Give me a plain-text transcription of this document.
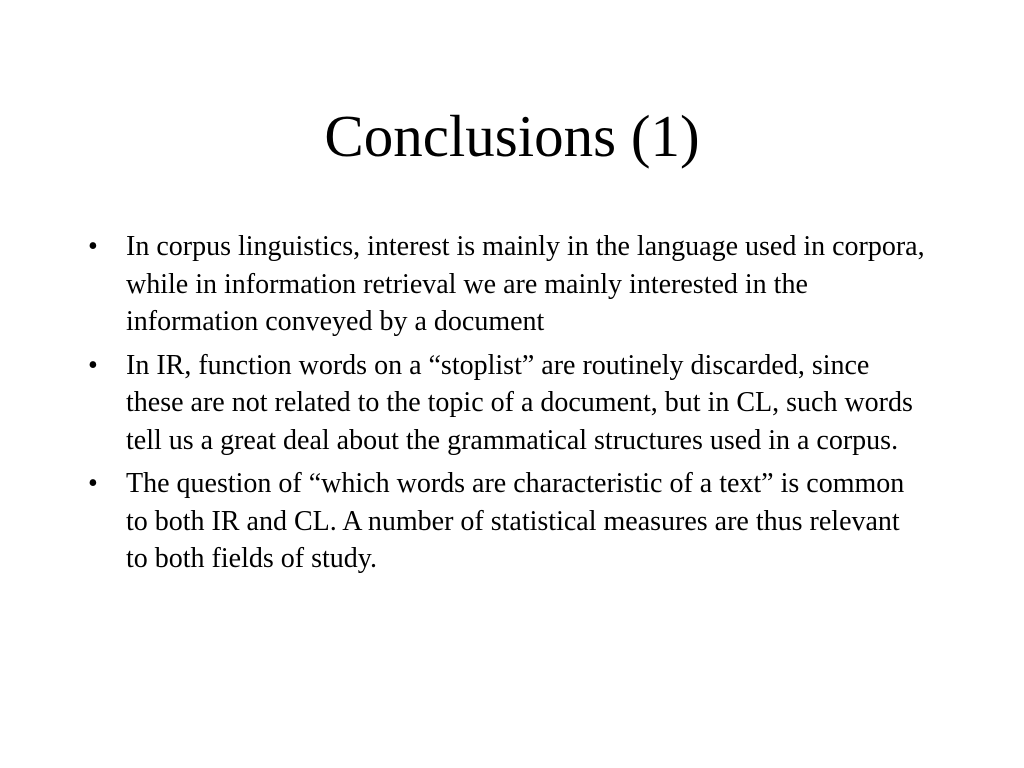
Conclusions (1)
• In corpus linguistics, interest is mainly in the language used in corpora, while in information retrieval we are mainly interested in the information conveyed by a document
• In IR, function words on a “stoplist” are routinely discarded, since these are not related to the topic of a document, but in CL, such words tell us a great deal about the grammatical structures used in a corpus.
• The question of “which words are characteristic of a text” is common to both IR and CL. A number of statistical measures are thus relevant to both fields of study.
